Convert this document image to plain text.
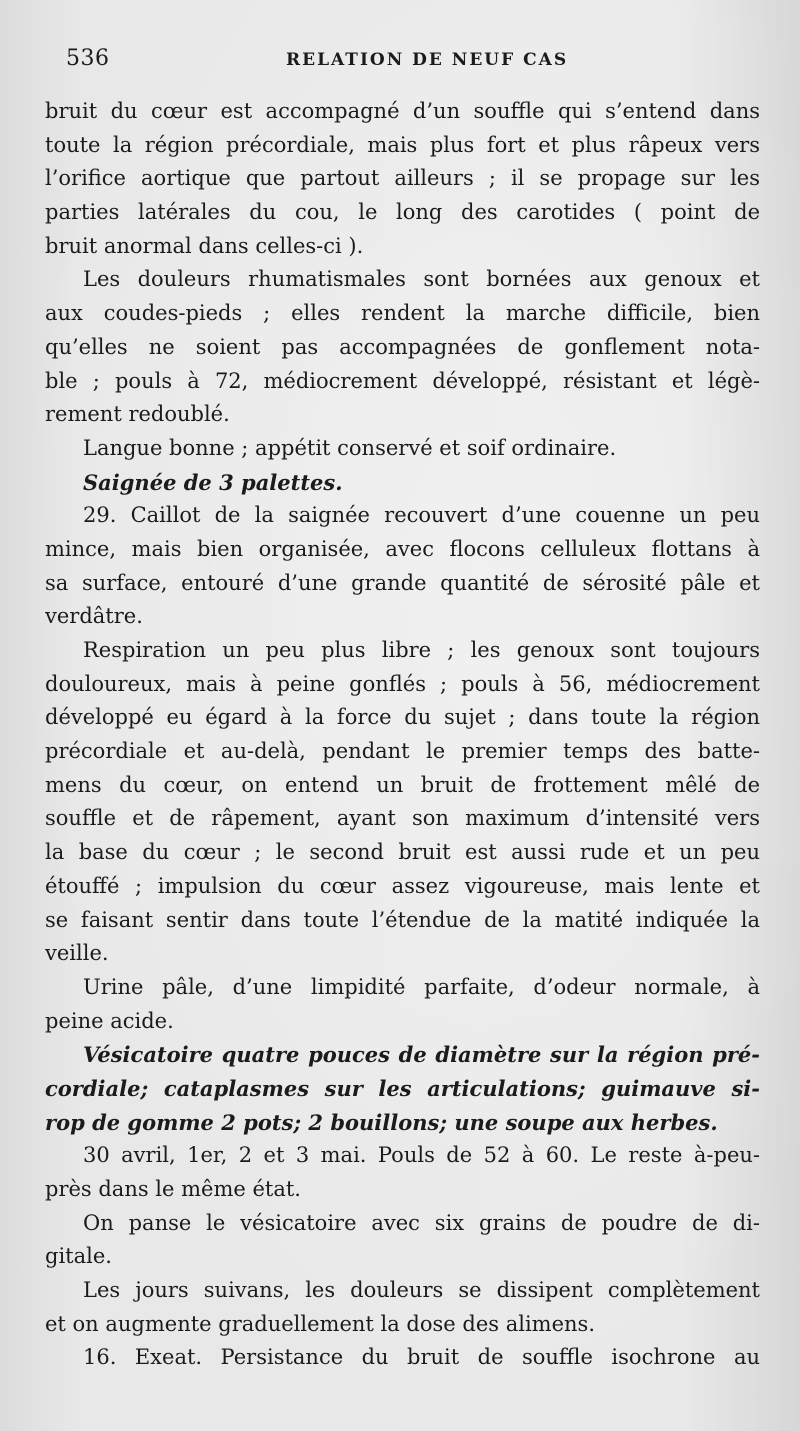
536	RELATION DE NEUF CAS
bruit du cœur est accompagné d’un souffle qui s’entend dans
toute la région précordiale, mais plus fort et plus râpeux vers
l’orifice aortique que partout ailleurs ; il se propage sur les
parties latérales du cou, le long des carotides ( point de
bruit anormal dans celles-ci ).
Les douleurs rhumatismales sont bornées aux genoux et
aux coudes-pieds ; elles rendent la marche difficile, bien
qu’elles ne soient pas accompagnées de gonflement nota-
ble ; pouls à 72, médiocrement développé, résistant et légè-
rement redoublé.
Langue bonne ; appétit conservé et soif ordinaire.
Saignée de 3 palettes.
29. Caillot de la saignée recouvert d’une couenne un peu
mince, mais bien organisée, avec flocons celluleux flottans à
sa surface, entouré d’une grande quantité de sérosité pâle et
verdâtre.
Respiration un peu plus libre ; les genoux sont toujours
douloureux, mais à peine gonflés ; pouls à 56, médiocrement
développé eu égard à la force du sujet ; dans toute la région
précordiale et au-delà, pendant le premier temps des batte-
mens du cœur, on entend un bruit de frottement mêlé de
souffle et de râpement, ayant son maximum d’intensité vers
la base du cœur ; le second bruit est aussi rude et un peu
étouffé ; impulsion du cœur assez vigoureuse, mais lente et
se faisant sentir dans toute l’étendue de la matité indiquée la
veille.
Urine pâle, d’une limpidité parfaite, d’odeur normale, à
peine acide.
Vésicatoire quatre pouces de diamètre sur la région pré-
cordiale; cataplasmes sur les articulations; guimauve si-
rop de gomme 2 pots; 2 bouillons; une soupe aux herbes.
30 avril, 1er, 2 et 3 mai. Pouls de 52 à 60. Le reste à-peu-
près dans le même état.
On panse le vésicatoire avec six grains de poudre de di-
gitale.
Les jours suivans, les douleurs se dissipent complètement
et on augmente graduellement la dose des alimens.
16. Exeat. Persistance du bruit de souffle isochrone au
